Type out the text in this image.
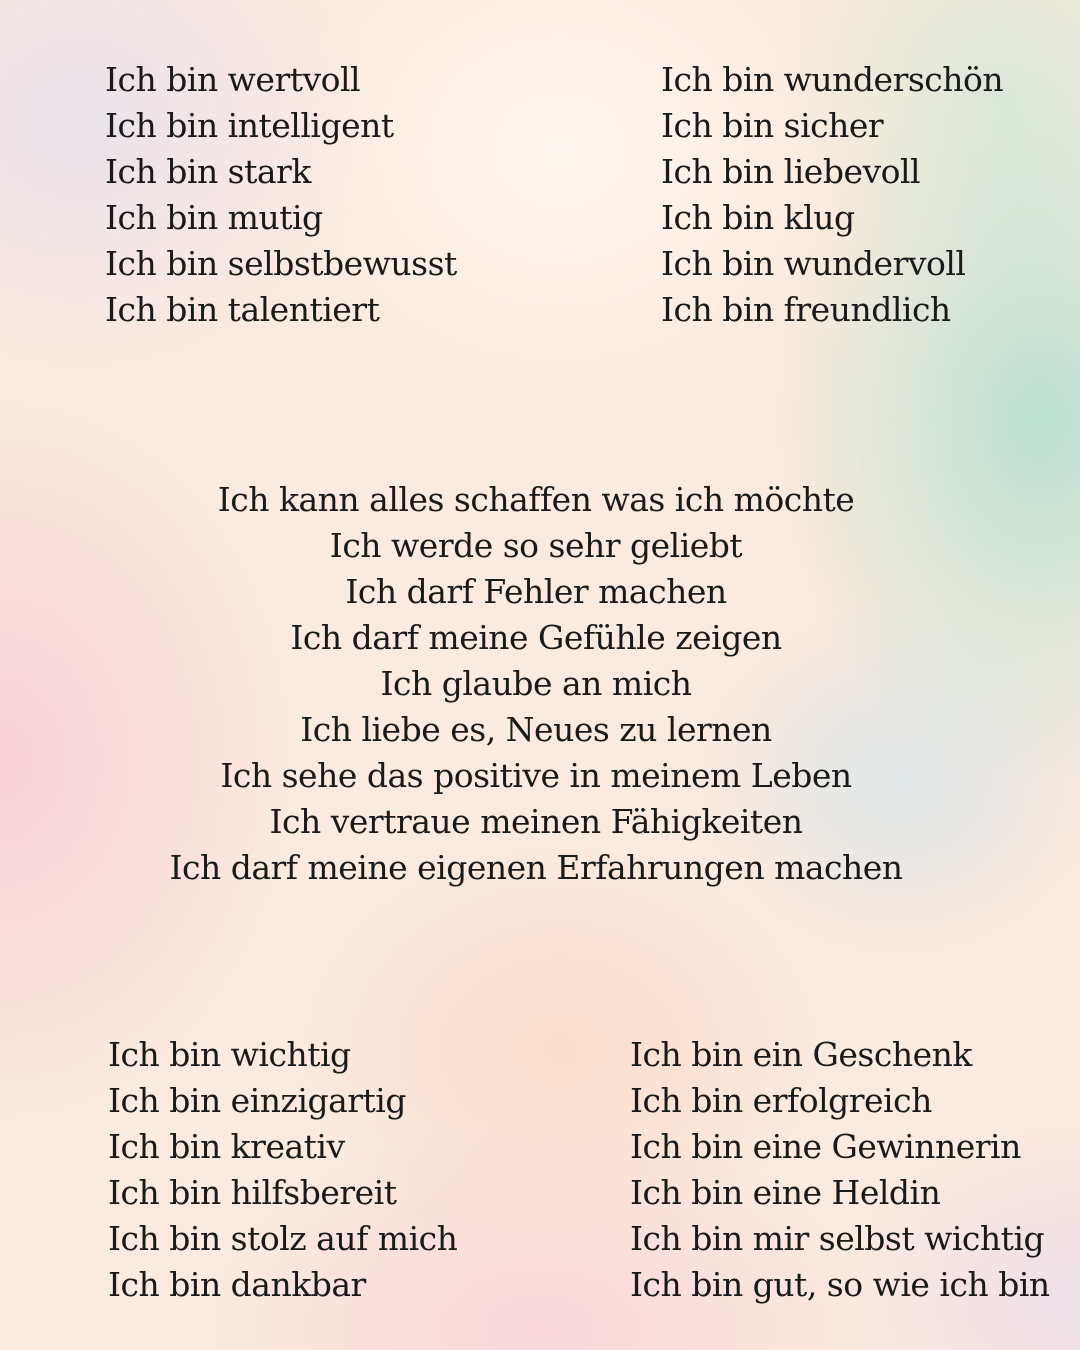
Ich bin wertvoll
Ich bin intelligent
Ich bin stark
Ich bin mutig
Ich bin selbstbewusst
Ich bin talentiert
Ich bin wunderschön
Ich bin sicher
Ich bin liebevoll
Ich bin klug
Ich bin wundervoll
Ich bin freundlich
Ich kann alles schaffen was ich möchte
Ich werde so sehr geliebt
Ich darf Fehler machen
Ich darf meine Gefühle zeigen
Ich glaube an mich
Ich liebe es, Neues zu lernen
Ich sehe das positive in meinem Leben
Ich vertraue meinen Fähigkeiten
Ich darf meine eigenen Erfahrungen machen
Ich bin wichtig
Ich bin einzigartig
Ich bin kreativ
Ich bin hilfsbereit
Ich bin stolz auf mich
Ich bin dankbar
Ich bin ein Geschenk
Ich bin erfolgreich
Ich bin eine Gewinnerin
Ich bin eine Heldin
Ich bin mir selbst wichtig
Ich bin gut, so wie ich bin
